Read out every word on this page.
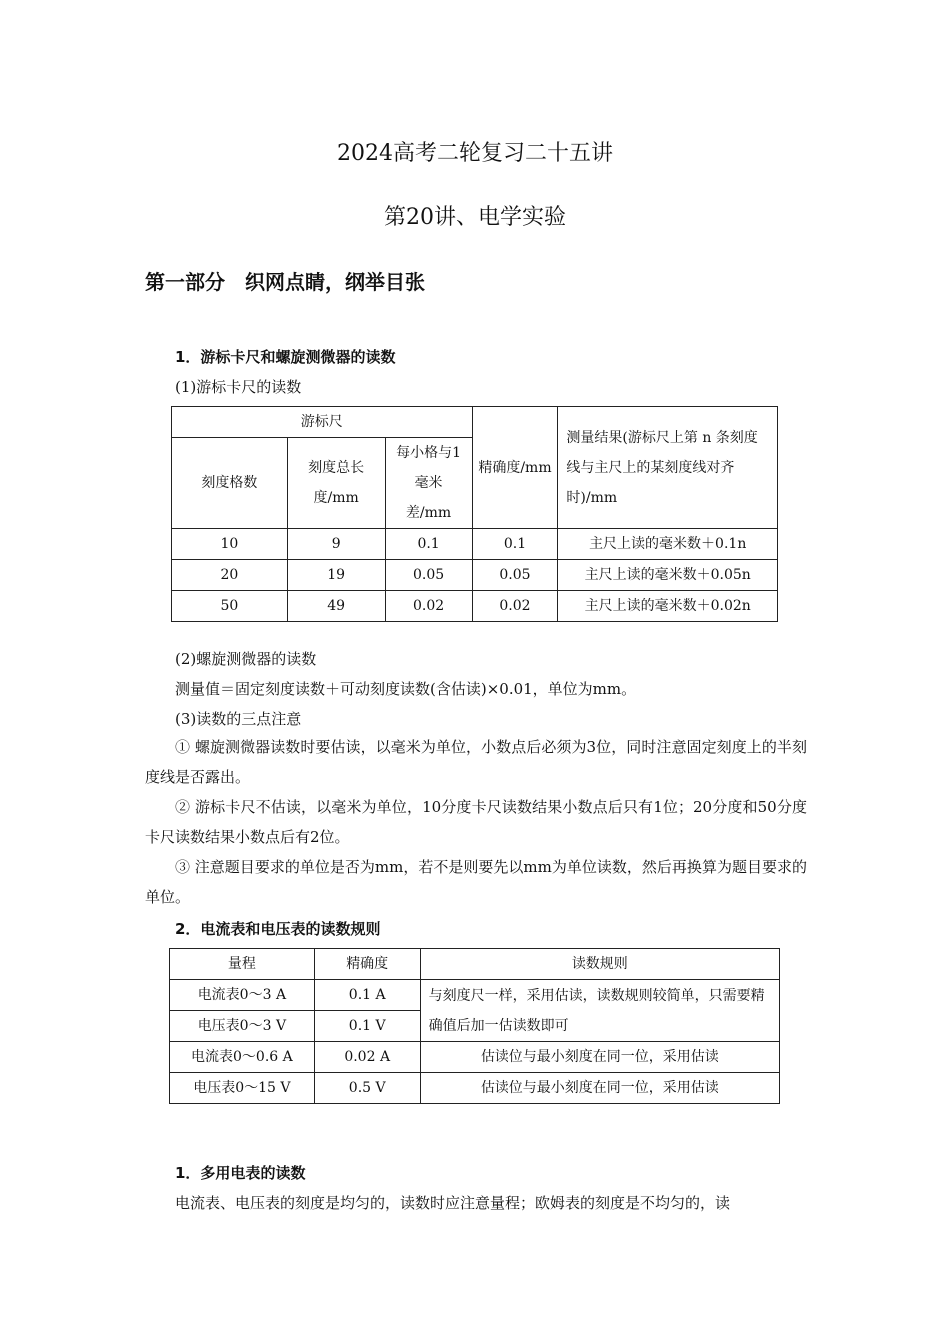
2024高考二轮复习二十五讲
第20讲、电学实验
第一部分　织网点睛，纲举目张
1．游标卡尺和螺旋测微器的读数
(1)游标卡尺的读数
游标尺			精确度/mm	测量结果(游标尺上第 n 条刻度线与主尺上的某刻度线对齐时)/mm
刻度格数	刻度总长度/mm	每小格与1毫米差/mm		
10	9	0.1	0.1	主尺上读的毫米数＋0.1n
20	19	0.05	0.05	主尺上读的毫米数＋0.05n
50	49	0.02	0.02	主尺上读的毫米数＋0.02n
(2)螺旋测微器的读数
测量值＝固定刻度读数＋可动刻度读数(含估读)×0.01，单位为mm。
(3)读数的三点注意
① 螺旋测微器读数时要估读，以毫米为单位，小数点后必须为3位，同时注意固定刻度上的半刻度线是否露出。
② 游标卡尺不估读，以毫米为单位，10分度卡尺读数结果小数点后只有1位；20分度和50分度卡尺读数结果小数点后有2位。
③ 注意题目要求的单位是否为mm，若不是则要先以mm为单位读数，然后再换算为题目要求的单位。
2．电流表和电压表的读数规则
量程	精确度	读数规则
电流表0～3 A	0.1 A	与刻度尺一样，采用估读，读数规则较简单，只需要精确值后加一估读数即可
电压表0～3 V	0.1 V	
电流表0～0.6 A	0.02 A	估读位与最小刻度在同一位，采用估读
电压表0～15 V	0.5 V	估读位与最小刻度在同一位，采用估读
1．多用电表的读数
电流表、电压表的刻度是均匀的，读数时应注意量程；欧姆表的刻度是不均匀的，读
